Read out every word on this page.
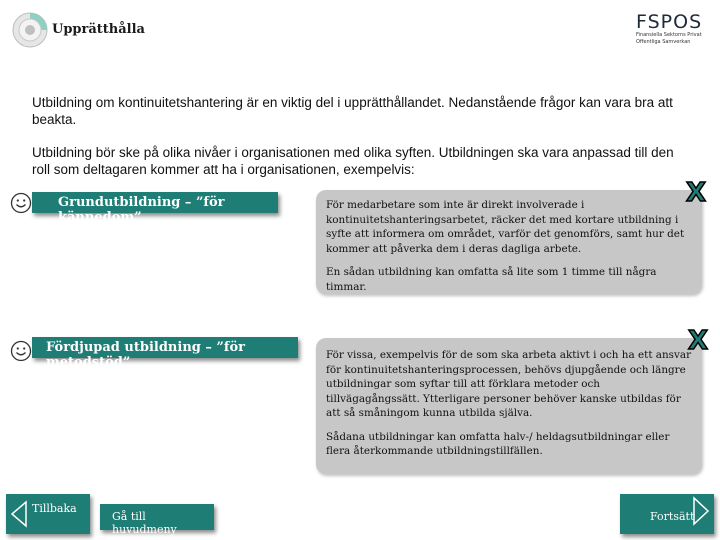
Upprätthålla	FSPOS
Finansiella Sektorns Privat
Offentliga Samverkan
Utbildning om kontinuitetshantering är en viktig del i upprätthållandet. Nedanstående frågor kan vara bra att beakta.
Utbildning bör ske på olika nivåer i organisationen med olika syften. Utbildningen ska vara anpassad till den roll som deltagaren kommer att ha i organisationen, exempelvis:
Grundutbildning – ”för kännedom”

För medarbetare som inte är direkt involverade i kontinuitetshanteringsarbetet, räcker det med kortare utbildning i syfte att informera om området, varför det genomförs, samt hur det kommer att påverka dem i deras dagliga arbete.

En sådan utbildning kan omfatta så lite som 1 timme till några timmar.

X
Fördjupad utbildning – ”för metodstöd”	För vissa, exempelvis för de som ska arbeta aktivt i och ha ett ansvar för kontinuitetshanteringsprocessen, behövs djupgående och längre utbildningar som syftar till att förklara metoder och tillvägagångssätt. Ytterligare personer behöver kanske utbildas för att så småningom kunna utbilda själva.

Sådana utbildningar kan omfatta halv-/ heldagsutbildningar eller flera återkommande utbildningstillfällen.

X
Tillbaka
Gå till huvudmeny
Fortsätt
